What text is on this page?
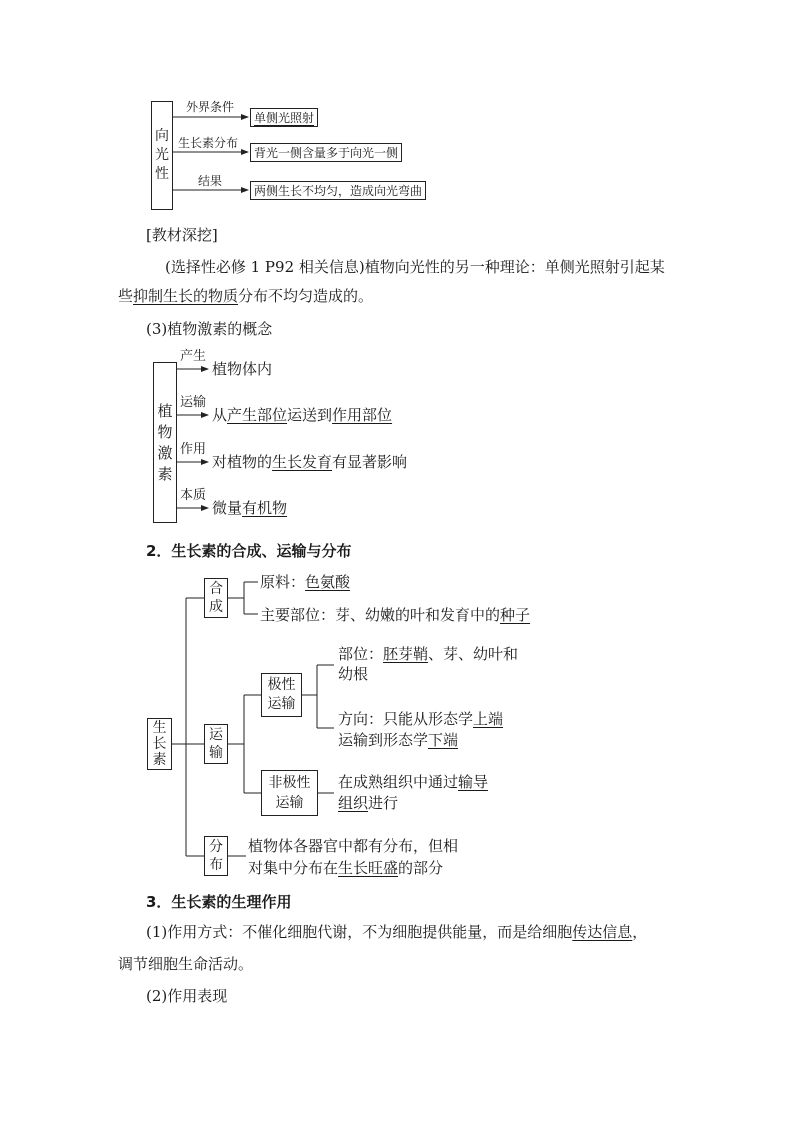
向光性
外界条件
生长素分布
结果
单侧光照射
背光一侧含量多于向光一侧
两侧生长不均匀，造成向光弯曲
[教材深挖]
(选择性必修 1 P92 相关信息)植物向光性的另一种理论：单侧光照射引起某
些抑制生长的物质分布不均匀造成的。
(3)植物激素的概念
植物激素
产生
植物体内
运输
从产生部位运送到作用部位
作用
对植物的生长发育有显著影响
本质
微量有机物
2．生长素的合成、运输与分布
生长素
合成
原料：色氨酸
主要部位：芽、幼嫩的叶和发育中的种子
运输
极性运输
部位：胚芽鞘、芽、幼叶和
幼根
方向：只能从形态学上端
运输到形态学下端
非极性运输
在成熟组织中通过输导
组织进行
分布
植物体各器官中都有分布，但相
对集中分布在生长旺盛的部分
3．生长素的生理作用
(1)作用方式：不催化细胞代谢，不为细胞提供能量，而是给细胞传达信息，
调节细胞生命活动。
(2)作用表现
